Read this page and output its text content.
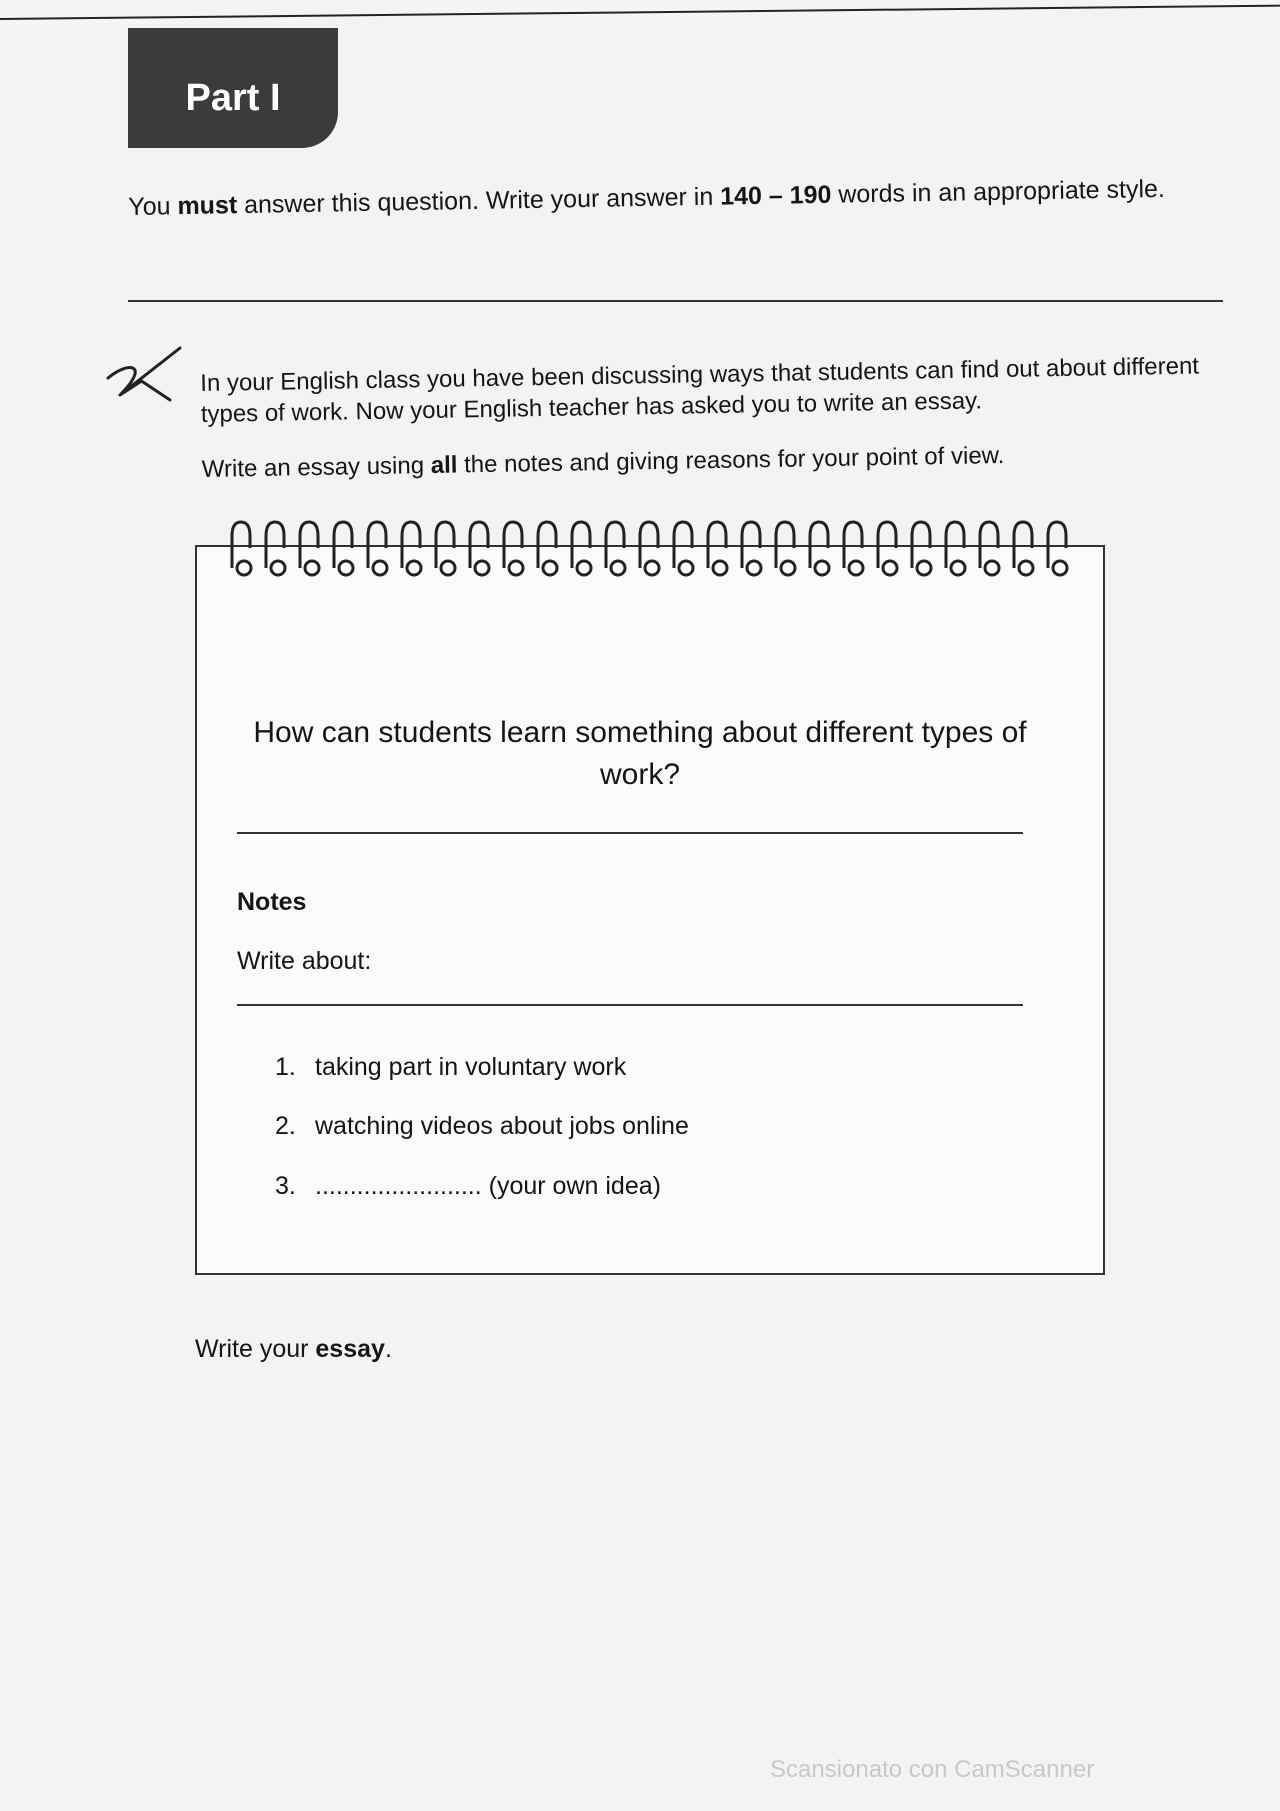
Part I
You must answer this question. Write your answer in 140 – 190 words in an appropriate style.

In your English class you have been discussing ways that students can find out about different types of work. Now your English teacher has asked you to write an essay.

Write an essay using all the notes and giving reasons for your point of view.

How can students learn something about different types of work?
Notes
Write about:
1. taking part in voluntary work
2. watching videos about jobs online
3. ........................ (your own idea)
Write your essay.
Scansionato con CamScanner
